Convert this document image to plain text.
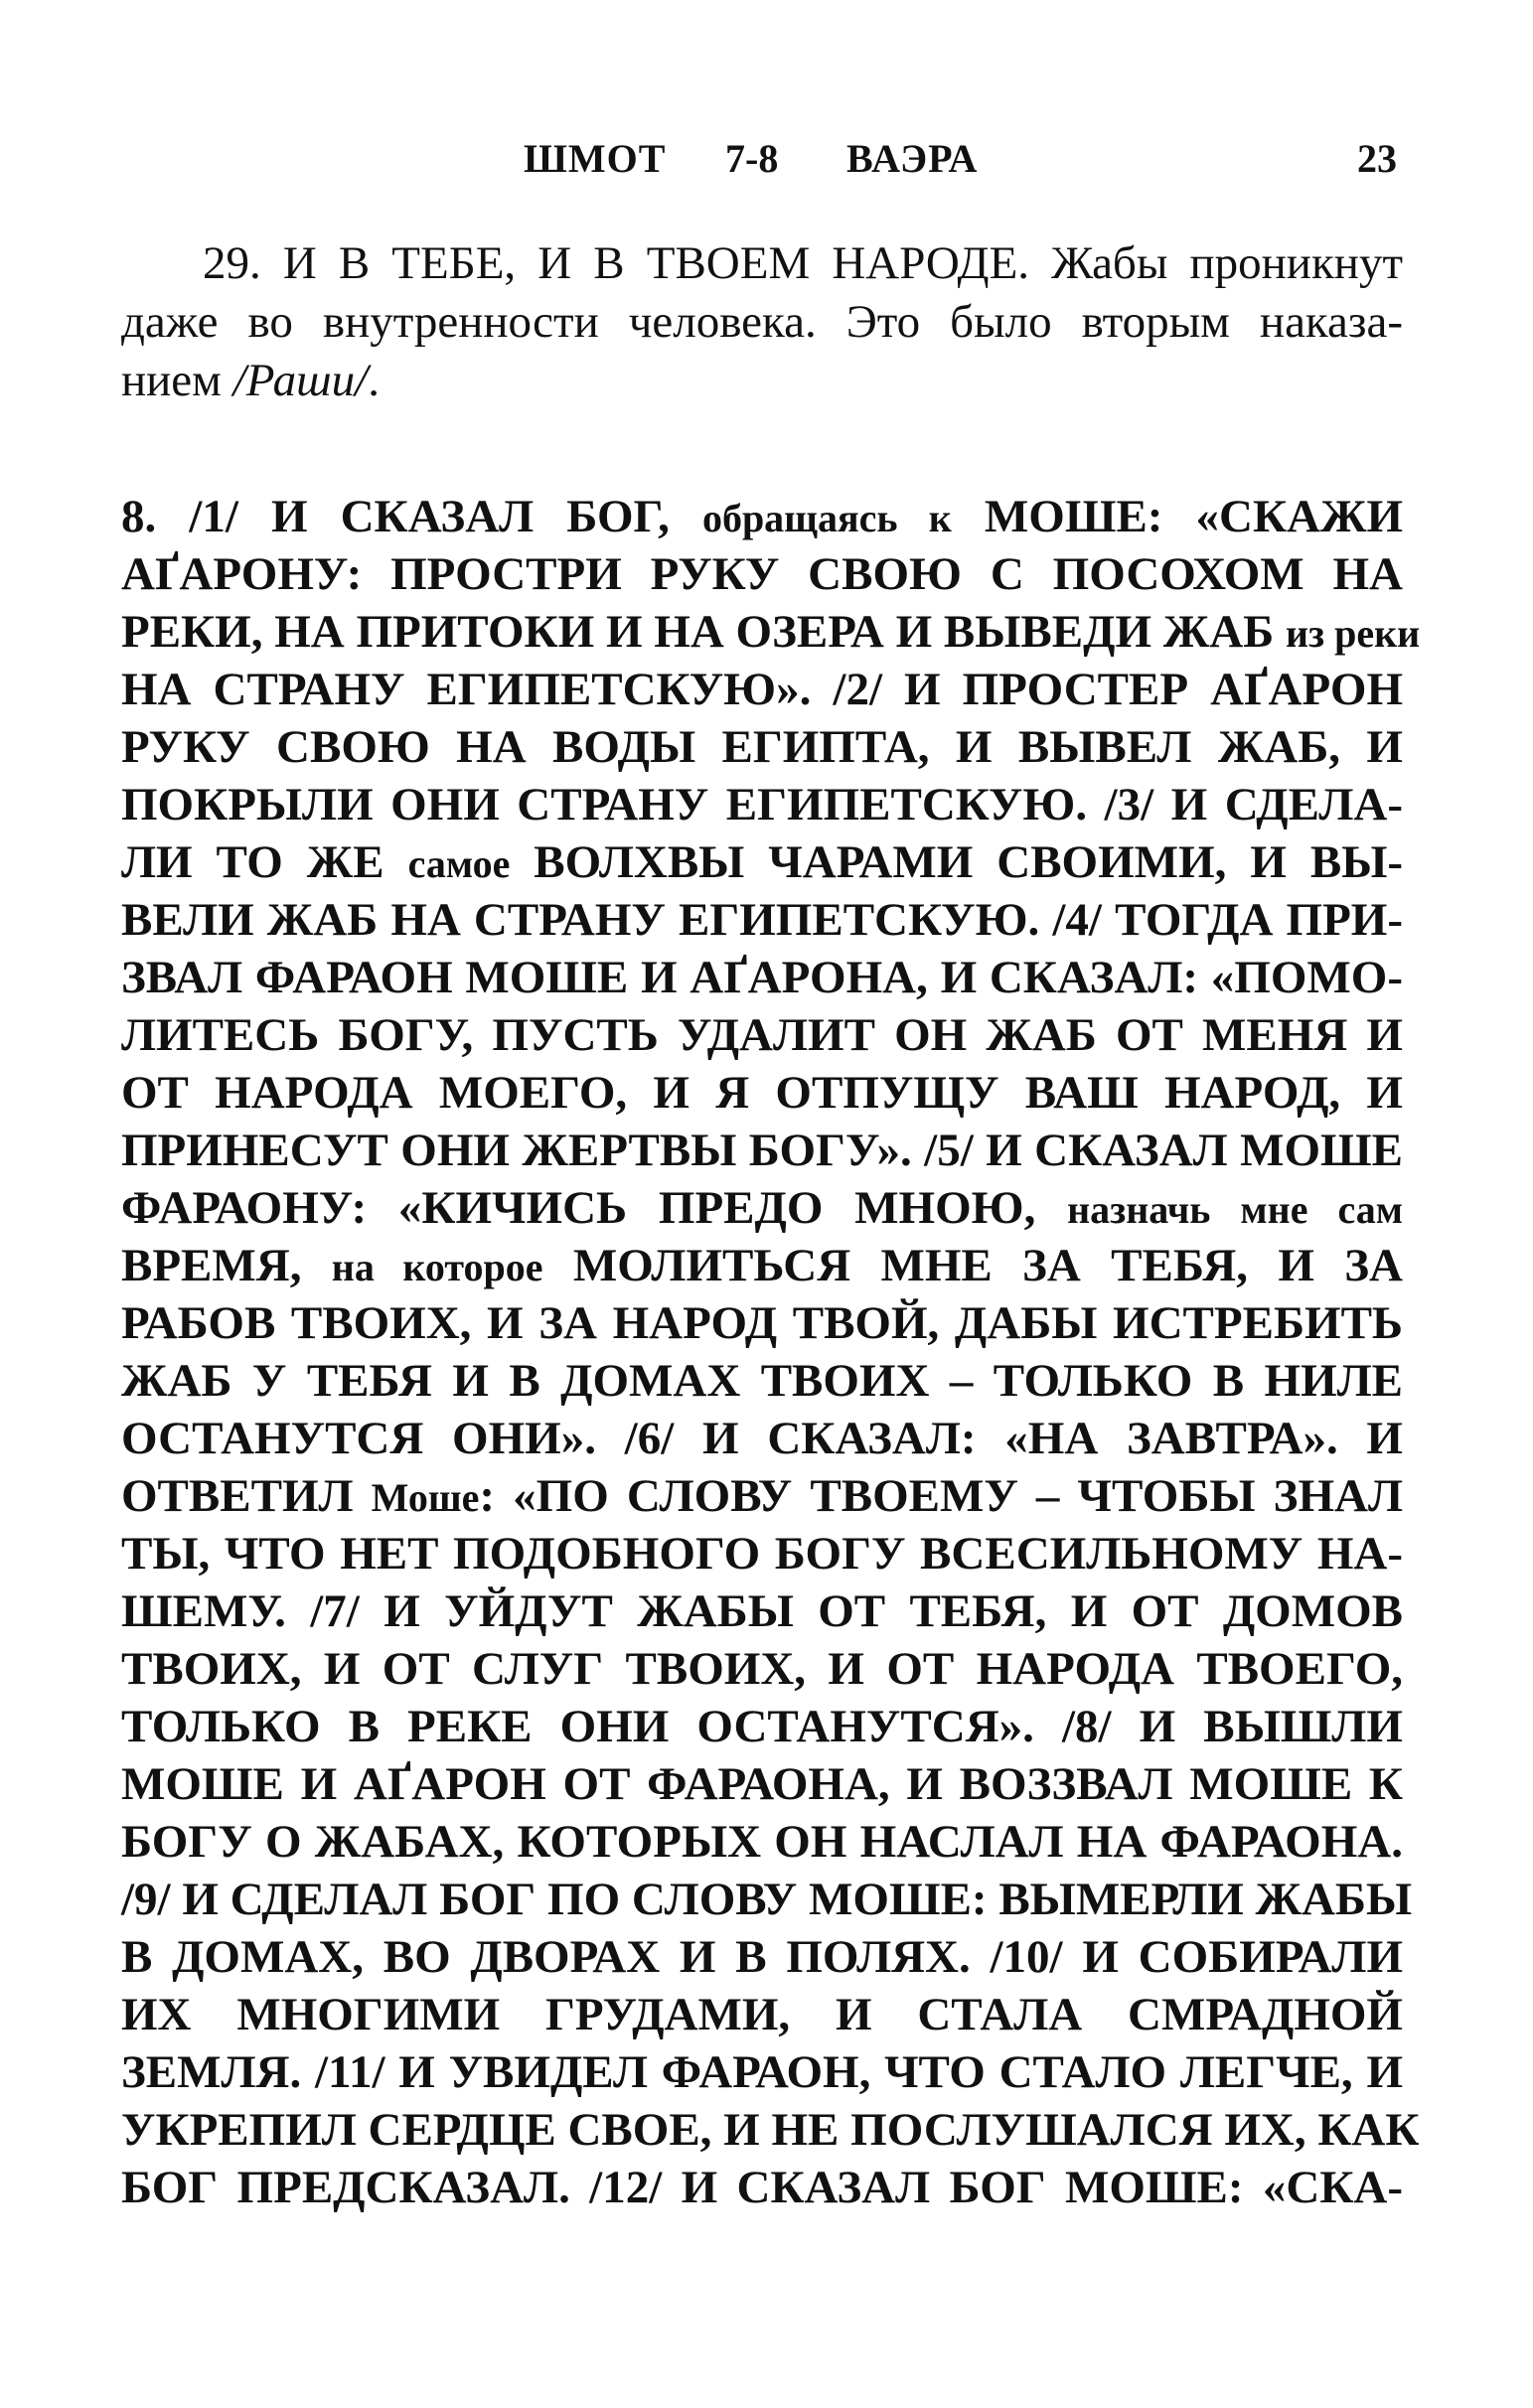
ШМОТ 7-8 ВАЭРА	23
29. И В ТЕБЕ, И В ТВОЕМ НАРОДЕ. Жабы проникнут
даже во внутренности человека. Это было вторым наказа-
нием /Раши/.
8. /1/ И СКАЗАЛ БОГ, обращаясь к МОШЕ: «СКАЖИ
АҐАРОНУ: ПРОСТРИ РУКУ СВОЮ С ПОСОХОМ НА
РЕКИ, НА ПРИТОКИ И НА ОЗЕРА И ВЫВЕДИ ЖАБ из реки
НА СТРАНУ ЕГИПЕТСКУЮ». /2/ И ПРОСТЕР АҐАРОН
РУКУ СВОЮ НА ВОДЫ ЕГИПТА, И ВЫВЕЛ ЖАБ, И
ПОКРЫЛИ ОНИ СТРАНУ ЕГИПЕТСКУЮ. /3/ И СДЕЛА-
ЛИ ТО ЖЕ самое ВОЛХВЫ ЧАРАМИ СВОИМИ, И ВЫ-
ВЕЛИ ЖАБ НА СТРАНУ ЕГИПЕТСКУЮ. /4/ ТОГДА ПРИ-
ЗВАЛ ФАРАОН МОШЕ И АҐАРОНА, И СКАЗАЛ: «ПОМО-
ЛИТЕСЬ БОГУ, ПУСТЬ УДАЛИТ ОН ЖАБ ОТ МЕНЯ И
ОТ НАРОДА МОЕГО, И Я ОТПУЩУ ВАШ НАРОД, И
ПРИНЕСУТ ОНИ ЖЕРТВЫ БОГУ». /5/ И СКАЗАЛ МОШЕ
ФАРАОНУ: «КИЧИСЬ ПРЕДО МНОЮ, назначь мне сам
ВРЕМЯ, на которое МОЛИТЬСЯ МНЕ ЗА ТЕБЯ, И ЗА
РАБОВ ТВОИХ, И ЗА НАРОД ТВОЙ, ДАБЫ ИСТРЕБИТЬ
ЖАБ У ТЕБЯ И В ДОМАХ ТВОИХ – ТОЛЬКО В НИЛЕ
ОСТАНУТСЯ ОНИ». /6/ И СКАЗАЛ: «НА ЗАВТРА». И
ОТВЕТИЛ Моше: «ПО СЛОВУ ТВОЕМУ – ЧТОБЫ ЗНАЛ
ТЫ, ЧТО НЕТ ПОДОБНОГО БОГУ ВСЕСИЛЬНОМУ НА-
ШЕМУ. /7/ И УЙДУТ ЖАБЫ ОТ ТЕБЯ, И ОТ ДОМОВ
ТВОИХ, И ОТ СЛУГ ТВОИХ, И ОТ НАРОДА ТВОЕГО,
ТОЛЬКО В РЕКЕ ОНИ ОСТАНУТСЯ». /8/ И ВЫШЛИ
МОШЕ И АҐАРОН ОТ ФАРАОНА, И ВОЗЗВАЛ МОШЕ К
БОГУ О ЖАБАХ, КОТОРЫХ ОН НАСЛАЛ НА ФАРАОНА.
/9/ И СДЕЛАЛ БОГ ПО СЛОВУ МОШЕ: ВЫМЕРЛИ ЖАБЫ
В ДОМАХ, ВО ДВОРАХ И В ПОЛЯХ. /10/ И СОБИРАЛИ
ИХ МНОГИМИ ГРУДАМИ, И СТАЛА СМРАДНОЙ
ЗЕМЛЯ. /11/ И УВИДЕЛ ФАРАОН, ЧТО СТАЛО ЛЕГЧЕ, И
УКРЕПИЛ СЕРДЦЕ СВОЕ, И НЕ ПОСЛУШАЛСЯ ИХ, КАК
БОГ ПРЕДСКАЗАЛ. /12/ И СКАЗАЛ БОГ МОШЕ: «СКА-
